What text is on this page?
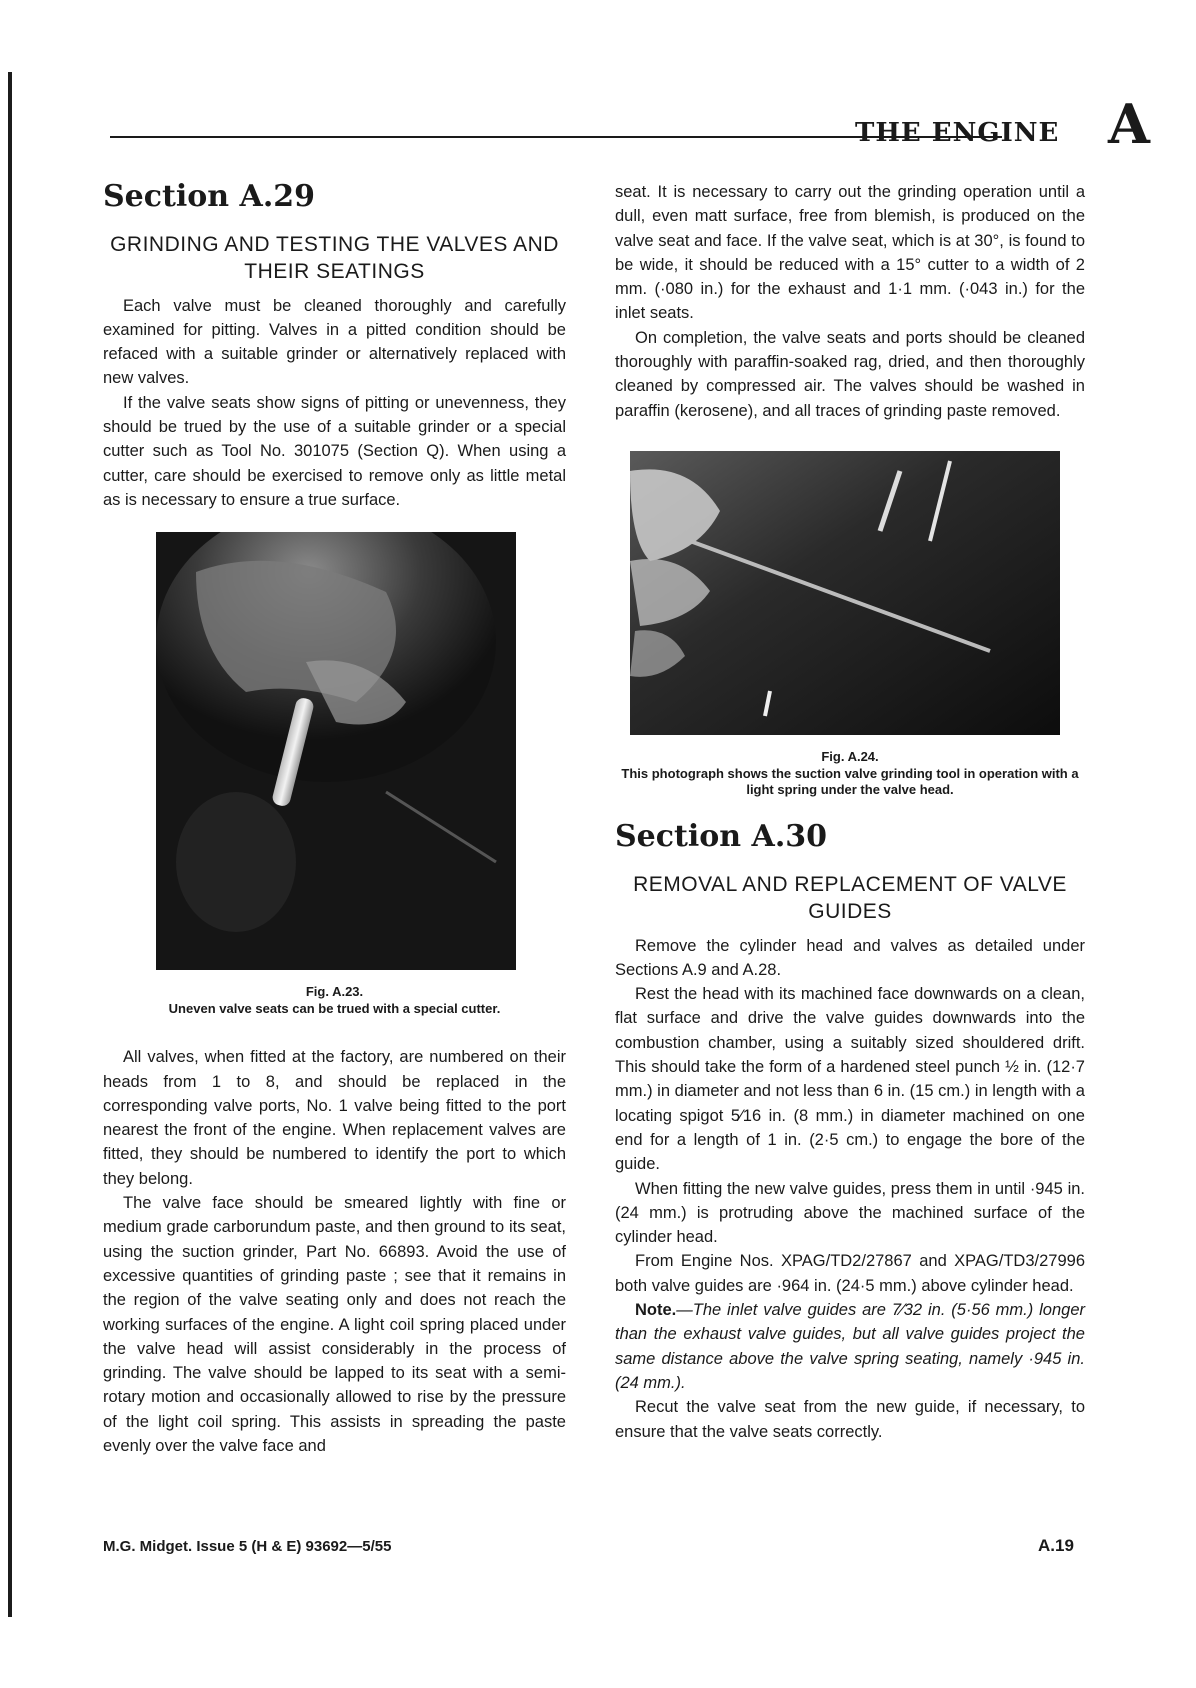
THE ENGINE A
Section A.29
GRINDING AND TESTING THE VALVES AND THEIR SEATINGS

Each valve must be cleaned thoroughly and carefully examined for pitting. Valves in a pitted condition should be refaced with a suitable grinder or alternatively replaced with new valves.

If the valve seats show signs of pitting or unevenness, they should be trued by the use of a suitable grinder or a special cutter such as Tool No. 301075 (Section Q). When using a cutter, care should be exercised to remove only as little metal as is necessary to ensure a true surface.

Fig. A.23.
Uneven valve seats can be trued with a special cutter.

All valves, when fitted at the factory, are numbered on their heads from 1 to 8, and should be replaced in the corresponding valve ports, No. 1 valve being fitted to the port nearest the front of the engine. When replacement valves are fitted, they should be numbered to identify the port to which they belong.

The valve face should be smeared lightly with fine or medium grade carborundum paste, and then ground to its seat, using the suction grinder, Part No. 66893. Avoid the use of excessive quantities of grinding paste ; see that it remains in the region of the valve seating only and does not reach the working surfaces of the engine. A light coil spring placed under the valve head will assist considerably in the process of grinding. The valve should be lapped to its seat with a semi-rotary motion and occasionally allowed to rise by the pressure of the light coil spring. This assists in spreading the paste evenly over the valve face and

seat. It is necessary to carry out the grinding operation until a dull, even matt surface, free from blemish, is produced on the valve seat and face. If the valve seat, which is at 30°, is found to be wide, it should be reduced with a 15° cutter to a width of 2 mm. (·080 in.) for the exhaust and 1·1 mm. (·043 in.) for the inlet seats.

On completion, the valve seats and ports should be cleaned thoroughly with paraffin-soaked rag, dried, and then thoroughly cleaned by compressed air. The valves should be washed in paraffin (kerosene), and all traces of grinding paste removed.

Fig. A.24.
This photograph shows the suction valve grinding tool in operation with a light spring under the valve head.
Section A.30
REMOVAL AND REPLACEMENT OF VALVE GUIDES

Remove the cylinder head and valves as detailed under Sections A.9 and A.28.

Rest the head with its machined face downwards on a clean, flat surface and drive the valve guides downwards into the combustion chamber, using a suitably sized shouldered drift. This should take the form of a hardened steel punch ½ in. (12·7 mm.) in diameter and not less than 6 in. (15 cm.) in length with a locating spigot 5⁄16 in. (8 mm.) in diameter machined on one end for a length of 1 in. (2·5 cm.) to engage the bore of the guide.

When fitting the new valve guides, press them in until ·945 in. (24 mm.) is protruding above the machined surface of the cylinder head.

From Engine Nos. XPAG/TD2/27867 and XPAG/TD3/27996 both valve guides are ·964 in. (24·5 mm.) above cylinder head.

Note.—The inlet valve guides are 7⁄32 in. (5·56 mm.) longer than the exhaust valve guides, but all valve guides project the same distance above the valve spring seating, namely ·945 in. (24 mm.).

Recut the valve seat from the new guide, if necessary, to ensure that the valve seats correctly.

M.G. Midget. Issue 5 (H & E) 93692—5/55	A.19
